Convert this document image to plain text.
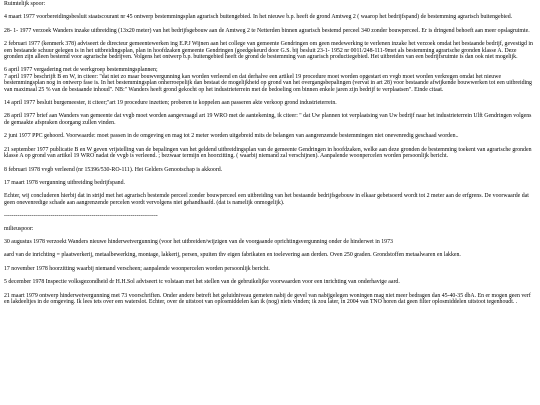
Ruimtelijk spoor:
4 maart 1977 voorbereidingsbesluit staatscourant nr 45 ontwerp bestemmingsplan agrarisch buitengebied. In het nieuwe b.p. heeft de grond Amtweg 2 ( waarop het bedrijfspand) de bestemming agrarisch buitengebied.
28- 1- 1977 verzoek Wanders inzake uitbreiding (13x20 meter) van het bedrijfsgebouw aan de Amtweg 2 te Netterden binnen agrarisch bestemd perceel 340 zonder bouwperceel. Er is dringend behoeft aan meer opslagruimte.
2 februari 1977 (kenmerk 378) adviseert de directeur gemeentewerken ing E.P.J Wijnen aan het college van gemeente Gendringen om geen medewerking te verlenen inzake het verzoek omdat het bestaande bedrijf, gevestigd in een bestaande schuur gelegen is in het uitbreidingsplan, plan in hoofdzaken gemeente Gendringen (goedgekeurd door G.S. bij besluit 23-1- 1952 nr 0011/248-111-9met als bestemming agrarische gronden klasse A. Deze gronden zijn alleen bestemd voor agrarische bedrijven. Volgens het ontwerp b.p. buitengebied heeft de grond de bestemming van agrarisch productiegebied. Het uitbreiden van een bedrijfsruimte is dan ook niet mogelijk.
6 april 1977 vergadering met de werkgroep bestemmingsplannen;
7 april 1977 beschrijft B en W, in citeer: "dat niet zo maar bouwvergunning kan worden verleend en dat derhalve een artikel 19 procedure moet worden opgestart en vvgb moet worden verkregen omdat het nieuwe bestemmingsplan nog in ontwerp fase is. In het bestemmingsplan onherroepelijk dan bestaat de mogelijkheid op grond van het overgangsbepalingen (vervat in art 28) voor bestaande afwijkende bouwwerken tot een uitbreiding van maximaal 25 % van de bestaande inhoud". NB:" Wanders heeft grond gekocht op het industrieterrein met de bedoeling om binnen enkele jaren zijn bedrijf te verplaatsen". Einde citaat.
14 april 1977 besluit burgemeester, it citeer;"art 19 procedure inzetten; proberen te koppelen aan passeren akte verkoop grond industrieterrein.
28 april 1977 brief aan Wanders van gemeente dat vvgb moet worden aangevraagd art 19 WRO met de aantekening, ik citeer: " dat Uw plannen tot verplaatsing van Uw bedrijf naar het industrieterrein Ulft Gendringen volgens de gemaakte afspraken doorgang zullen vinden.
2 juni 1977 PPC gehoord. Voorwaarde: moet passen in de omgeving en mag tot 2 meter worden uitgebreid mits de belangen van aangrenzende bestemmingen niet onevenredig geschaad worden..
21 september 1977 publicatie B en W geven vrijstelling van de bepalingen van het geldend uitbreidingsplan van de gemeente Gendringen in hoofdzaken, welke aan deze gronden de bestemming toekent van agrarische gronden klasse A op grond van artikel 19 WRO nadat de vvgb is verleend. ; bezwaar termijn en hoorzitting. ( waarbij niemand zal verschijnen). Aanpalende woonpercelen worden persoonlijk bericht.
8 februari 1978 vvgb verleend (nr 15396/530-RO-111). Het Gelders Genootschap is akkoord.
17 maart 1978 vergunning uitbreiding bedrijfspand.
Echter, wij concluderen hierbij dat in strijd met het agrarisch bestemde perceel zonder bouwperceel een uitbreiding van het bestaande bedrijfsgebouw in elkaar gebetsoerd wordt tot 2 meter aan de erfgrens. De voorwaarde dat geen onevenredige schade aan aangrenzende percelen wordt vervolgens niet gehandhaafd. (dat is namelijk onmogelijk).
-------------------------------------------------------------------------------
milieuspoor:
30 augustus 1978 verzoekt Wanders nieuwe hinderwetvergunning (voor het uitbreiden/wijzigen van de voorgaande oprichtingsvergunning onder de hinderwet in 1973
aard van de inrichting = plaatwerkerij, metaalbewerking, montage, lakkerij, persen, spuiten thv eigen fabrikaten en toelevering aan derden. Oven 250 graden. Grondstoffen metaalwaren en lakken.
17 november 1978 hoorzitting waarbij niemand verscheen; aanpalende woonpercelen worden persoonlijk bericht.
5 december 1978 Inspectie volksgezondheid dr H.H.Sol adviseert tc volstaan met het stellen van de gebruikelijke voorwaarden voor een inrichting van onderhavige aard.
21 maart 1979 ontwerp hinderwetvergunning met 73 voorschriften. Onder andere betreft het geluidniveau gemeten nabij de gevel van nabijgelegen woningen mag niet meer bedragen dan 45-40-35 dbA. En er mogen geen verf en lakdeeltjes in de omgeving. Ik lees tets over een waterslot. Echter, over de uitstoot van oplosmiddelen kan ik (nog) niets vinden; ik zou later, in 2004 van TNO horen dat geen filter oplosmiddelen uitstoot tegenhoudt. .
